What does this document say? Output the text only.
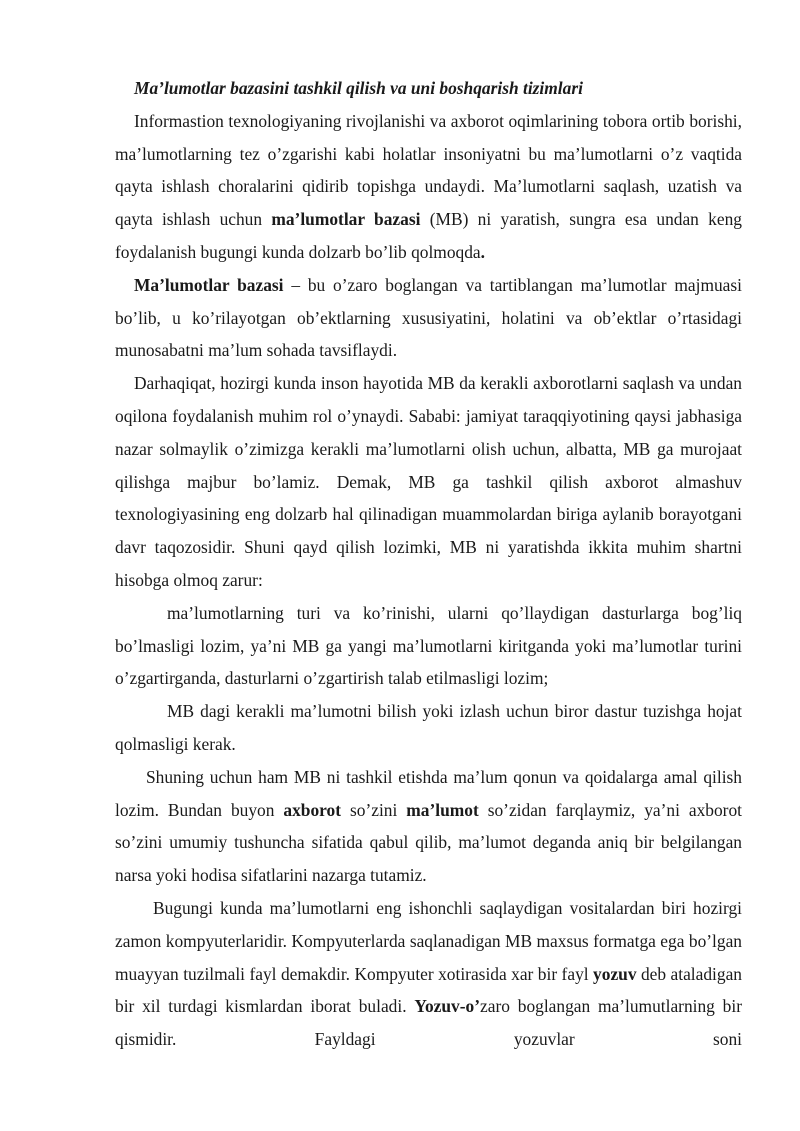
Ma’lumotlar bazasini tashkil qilish va uni boshqarish tizimlari

Informastion texnologiyaning rivojlanishi va axborot oqimlarining tobora ortib borishi, ma’lumotlarning tez o’zgarishi kabi holatlar insoniyatni bu ma’lumotlarni o’z vaqtida qayta ishlash choralarini qidirib topishga undaydi. Ma’lumotlarni saqlash, uzatish va qayta ishlash uchun ma’lumotlar bazasi (MB) ni yaratish, sungra esa undan keng foydalanish bugungi kunda dolzarb bo’lib qolmoqda.

Ma’lumotlar bazasi – bu o’zaro boglangan va tartiblangan ma’lumotlar majmuasi bo’lib, u ko’rilayotgan ob’ektlarning xususiyatini, holatini va ob’ektlar o’rtasidagi munosabatni ma’lum sohada tavsiflaydi.

Darhaqiqat, hozirgi kunda inson hayotida MB da kerakli axborotlarni saqlash va undan oqilona foydalanish muhim rol o’ynaydi. Sababi: jamiyat taraqqiyotining qaysi jabhasiga nazar solmaylik o’zimizga kerakli ma’lumotlarni olish uchun, albatta, MB ga murojaat qilishga majbur bo’lamiz. Demak, MB ga tashkil qilish axborot almashuv texnologiyasining eng dolzarb hal qilinadigan muammolardan biriga aylanib borayotgani davr taqozosidir. Shuni qayd qilish lozimki, MB ni yaratishda ikkita muhim shartni hisobga olmoq zarur:

ma’lumotlarning turi va ko’rinishi, ularni qo’llaydigan dasturlarga bog’liq bo’lmasligi lozim, ya’ni MB ga yangi ma’lumotlarni kiritganda yoki ma’lumotlar turini o’zgartirganda, dasturlarni o’zgartirish talab etilmasligi lozim;

MB dagi kerakli ma’lumotni bilish yoki izlash uchun biror dastur tuzishga hojat qolmasligi kerak.

Shuning uchun ham MB ni tashkil etishda ma’lum qonun va qoidalarga amal qilish lozim. Bundan buyon axborot so’zini ma’lumot so’zidan farqlaymiz, ya’ni axborot so’zini umumiy tushuncha sifatida qabul qilib, ma’lumot deganda aniq bir belgilangan narsa yoki hodisa sifatlarini nazarga tutamiz.

Bugungi kunda ma’lumotlarni eng ishonchli saqlaydigan vositalardan biri hozirgi zamon kompyuterlaridir. Kompyuterlarda saqlanadigan MB maxsus formatga ega bo’lgan muayyan tuzilmali fayl demakdir. Kompyuter xotirasida xar bir fayl yozuv deb ataladigan bir xil turdagi kismlardan iborat buladi. Yozuv-o’zaro boglangan ma’lumutlarning bir qismidir. Fayldagi yozuvlar soni
